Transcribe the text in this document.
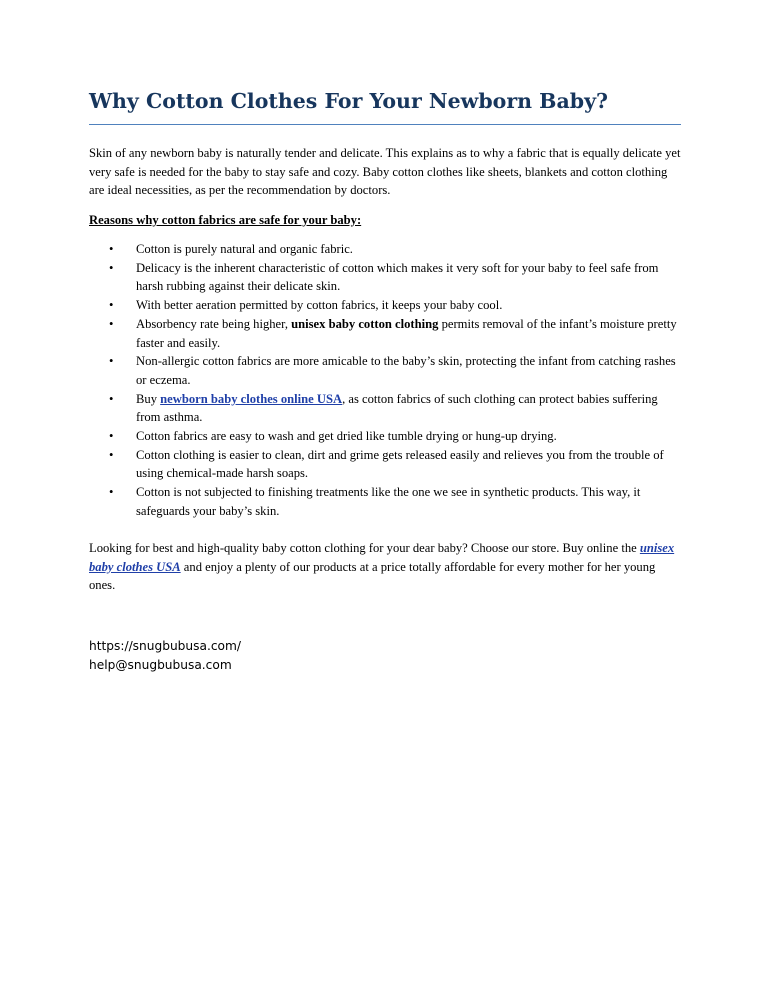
Why Cotton Clothes For Your Newborn Baby?

Skin of any newborn baby is naturally tender and delicate. This explains as to why a fabric that is equally delicate yet very safe is needed for the baby to stay safe and cozy. Baby cotton clothes like sheets, blankets and cotton clothing are ideal necessities, as per the recommendation by doctors.

Reasons why cotton fabrics are safe for your baby:

• Cotton is purely natural and organic fabric.
• Delicacy is the inherent characteristic of cotton which makes it very soft for your baby to feel safe from harsh rubbing against their delicate skin.
• With better aeration permitted by cotton fabrics, it keeps your baby cool.
• Absorbency rate being higher, unisex baby cotton clothing permits removal of the infant’s moisture pretty faster and easily.
• Non-allergic cotton fabrics are more amicable to the baby’s skin, protecting the infant from catching rashes or eczema.
• Buy newborn baby clothes online USA, as cotton fabrics of such clothing can protect babies suffering from asthma.
• Cotton fabrics are easy to wash and get dried like tumble drying or hung-up drying.
• Cotton clothing is easier to clean, dirt and grime gets released easily and relieves you from the trouble of using chemical-made harsh soaps.
• Cotton is not subjected to finishing treatments like the one we see in synthetic products. This way, it safeguards your baby’s skin.

Looking for best and high-quality baby cotton clothing for your dear baby? Choose our store. Buy online the unisex baby clothes USA and enjoy a plenty of our products at a price totally affordable for every mother for her young ones.

https://snugbubusa.com/
help@snugbubusa.com
